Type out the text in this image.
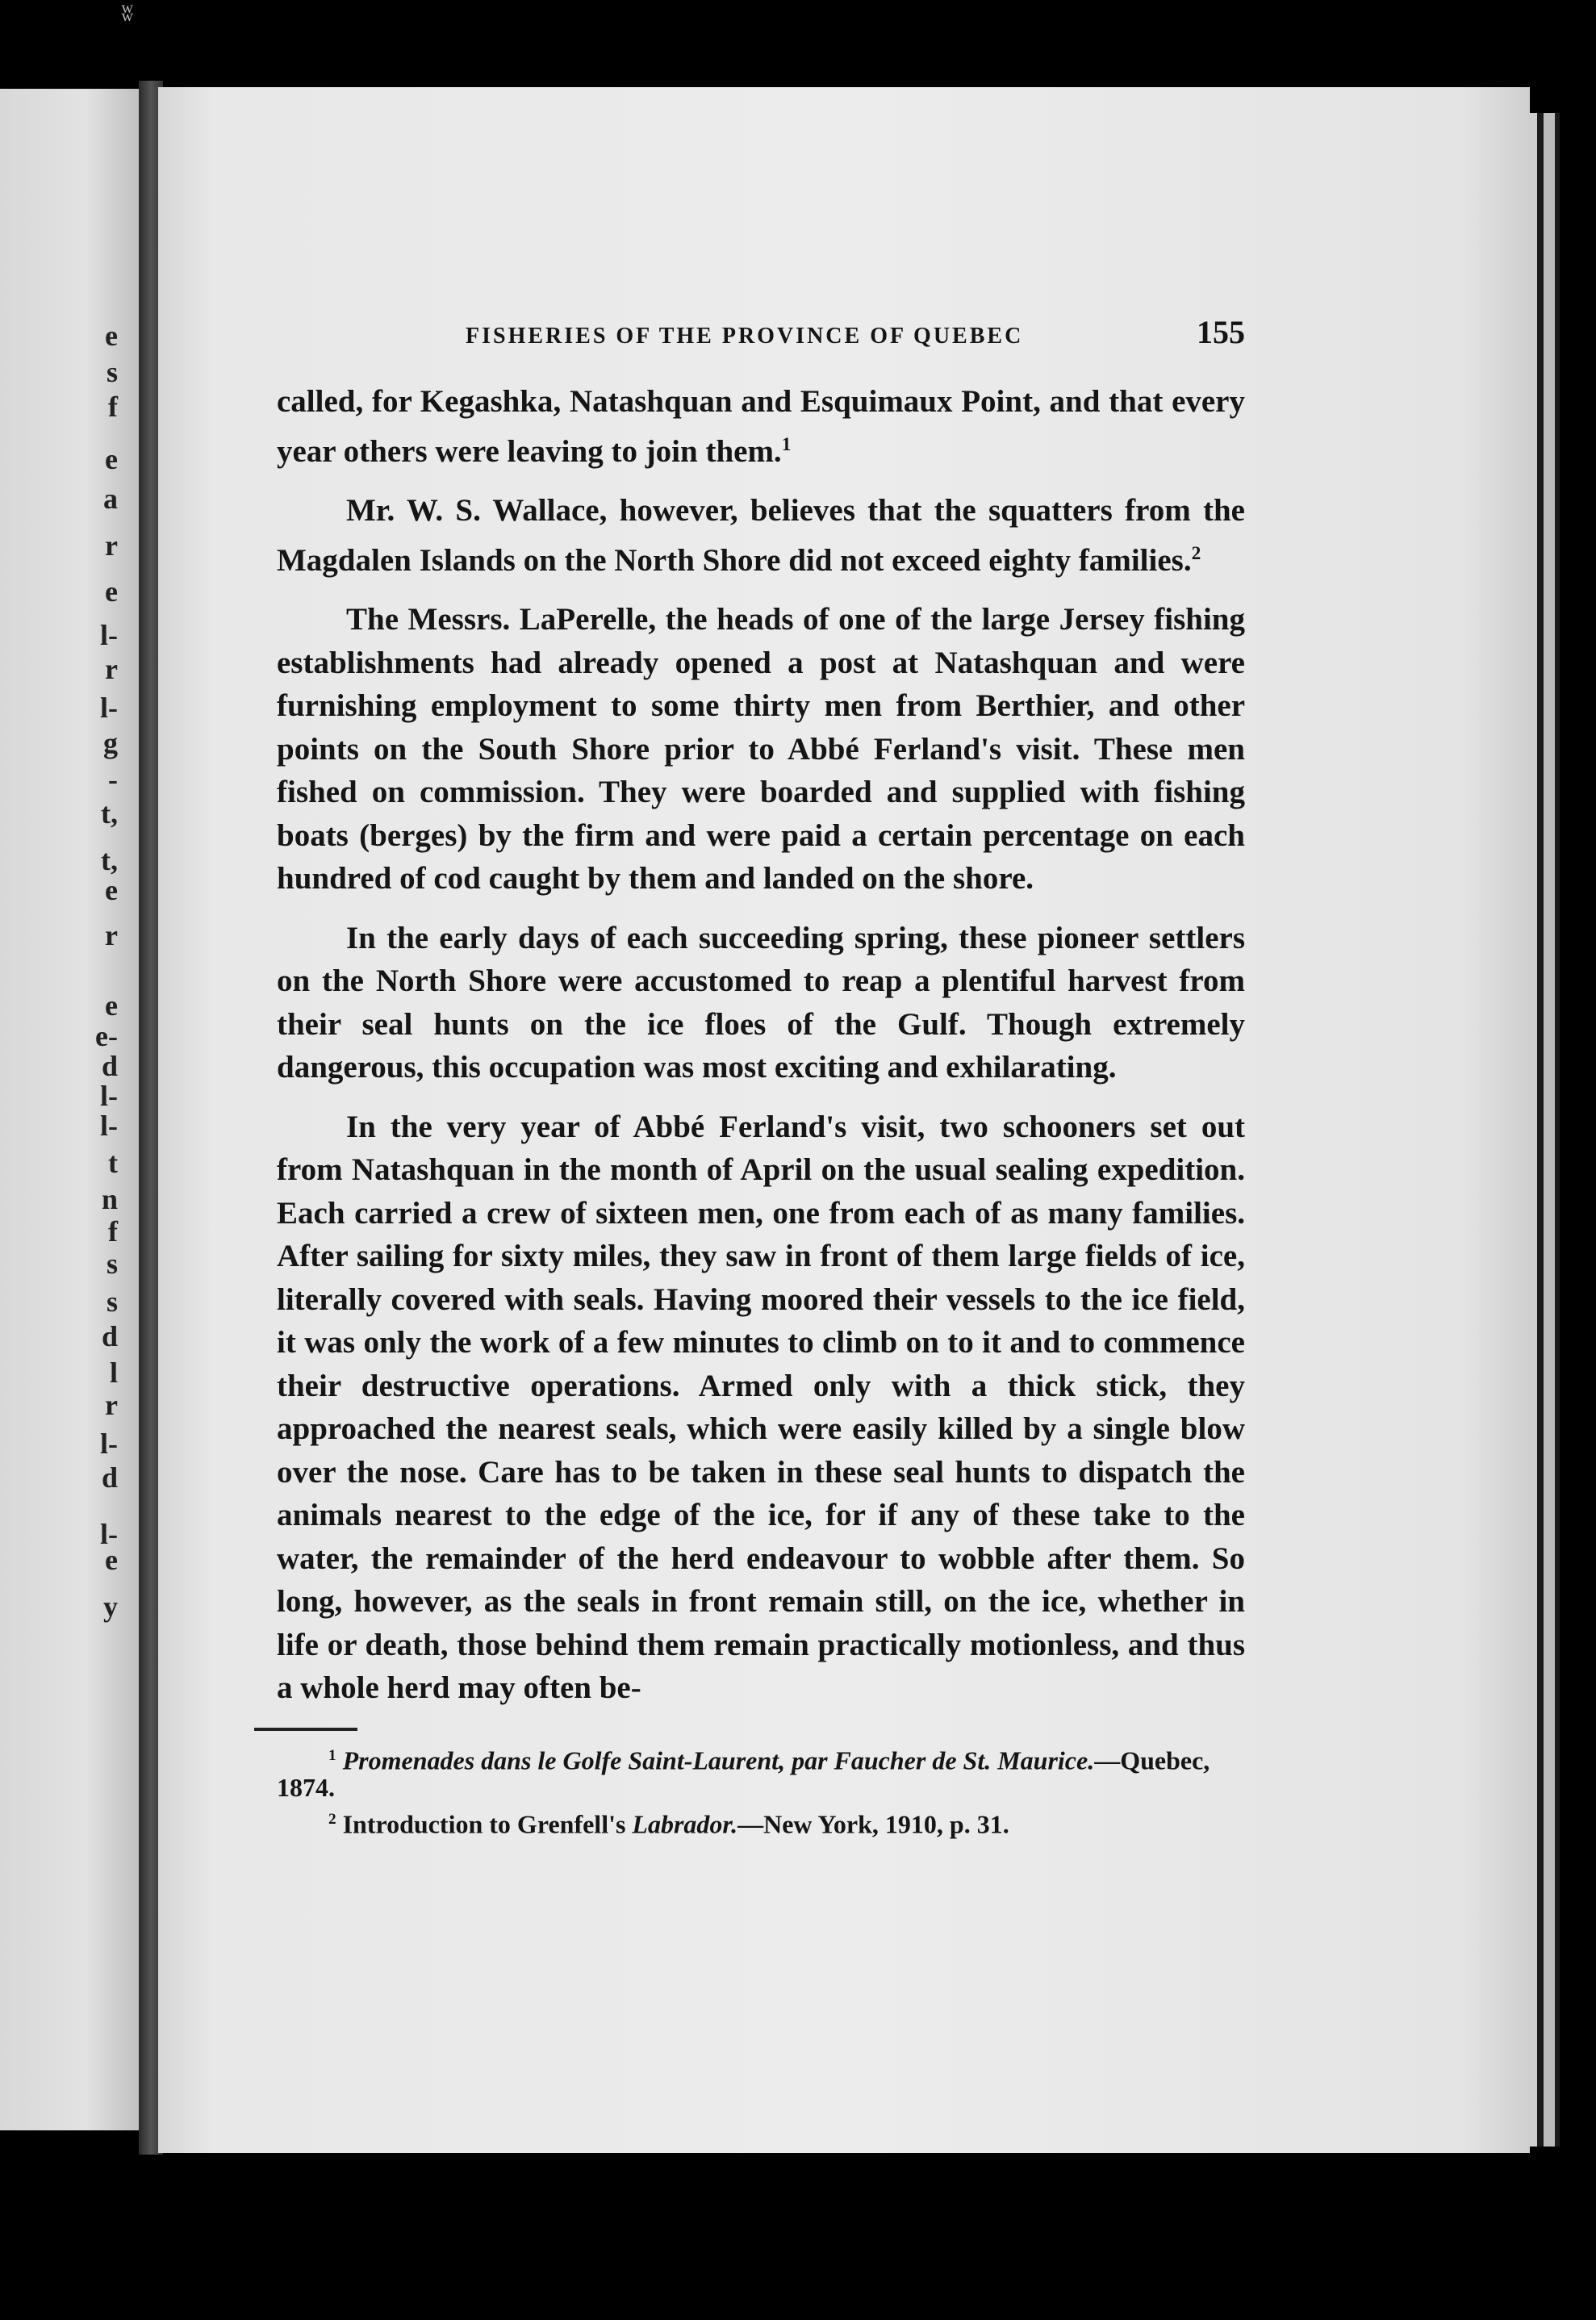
ʬ
e
s
f
e
a
r
e
l-
r
l-
g
-
t,
t,
e
r
e
e-
d
l-
l-
t
n
f
s
s
d
l
r
l-
d
l-
e
y
FISHERIES OF THE PROVINCE OF QUEBEC	155

called, for Kegashka, Natashquan and Esquimaux Point, and that every year others were leaving to join them.$^1$

Mr. W. S. Wallace, however, believes that the squatters from the Magdalen Islands on the North Shore did not exceed eighty families.$^2$

The Messrs. LaPerelle, the heads of one of the large Jersey fishing establishments had already opened a post at Natashquan and were furnishing employment to some thirty men from Berthier, and other points on the South Shore prior to Abbé Ferland's visit. These men fished on commission. They were boarded and supplied with fishing boats (berges) by the firm and were paid a certain percentage on each hundred of cod caught by them and landed on the shore.

In the early days of each succeeding spring, these pioneer settlers on the North Shore were accustomed to reap a plentiful harvest from their seal hunts on the ice floes of the Gulf. Though extremely dangerous, this occupation was most exciting and exhilarating.

In the very year of Abbé Ferland's visit, two schooners set out from Natashquan in the month of April on the usual sealing expedition. Each carried a crew of sixteen men, one from each of as many families. After sailing for sixty miles, they saw in front of them large fields of ice, literally covered with seals. Having moored their vessels to the ice field, it was only the work of a few minutes to climb on to it and to commence their destructive operations. Armed only with a thick stick, they approached the nearest seals, which were easily killed by a single blow over the nose. Care has to be taken in these seal hunts to dispatch the animals nearest to the edge of the ice, for if any of these take to the water, the remainder of the herd endeavour to wobble after them. So long, however, as the seals in front remain still, on the ice, whether in life or death, those behind them remain practically motionless, and thus a whole herd may often be-

$^1$ Promenades dans le Golfe Saint-Laurent, par Faucher de St. Maurice.—Quebec, 1874.

$^2$ Introduction to Grenfell's Labrador.—New York, 1910, p. 31.
